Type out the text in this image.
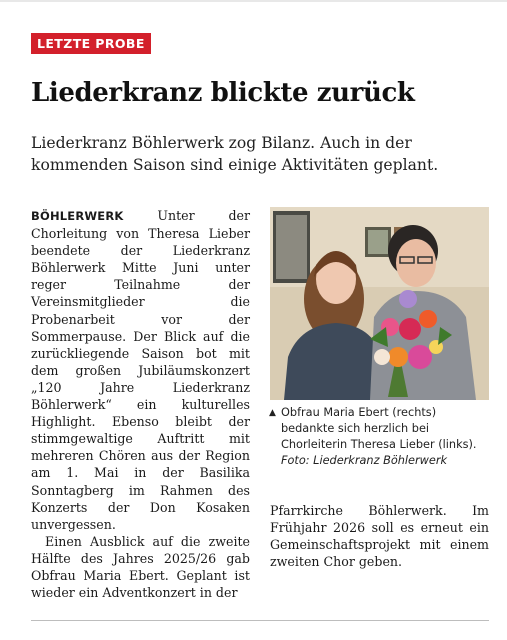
LETZTE PROBE
Liederkranz blickte zurück

Liederkranz Böhlerwerk zog Bilanz. Auch in der kommenden Saison sind einige Aktivitäten geplant.

BÖHLERWERK	Unter der Chorleitung von Theresa Lieber beendete der Liederkranz Böhlerwerk Mitte Juni unter reger Teilnahme der Vereinsmitglieder die Probenarbeit vor der Sommerpause. Der Blick auf die zurückliegende Saison bot mit dem großen Jubiläumskonzert „120 Jahre Liederkranz Böhlerwerk“ ein kulturelles Highlight. Ebenso bleibt der stimmgewaltige Auftritt mit mehreren Chören aus der Region am 1. Mai in der Basilika Sonntagberg im Rahmen des Konzerts der Don Kosaken unvergessen.

Einen Ausblick auf die zweite Hälfte des Jahres 2025/26 gab Obfrau Maria Ebert. Geplant ist wieder ein Adventkonzert in der

▲ Obfrau Maria Ebert (rechts) bedankte sich herzlich bei Chorleiterin Theresa Lieber (links).
Foto: Liederkranz Böhlerwerk

Pfarrkirche Böhlerwerk. Im Frühjahr 2026 soll es erneut ein Gemeinschaftsprojekt mit einem zweiten Chor geben.
